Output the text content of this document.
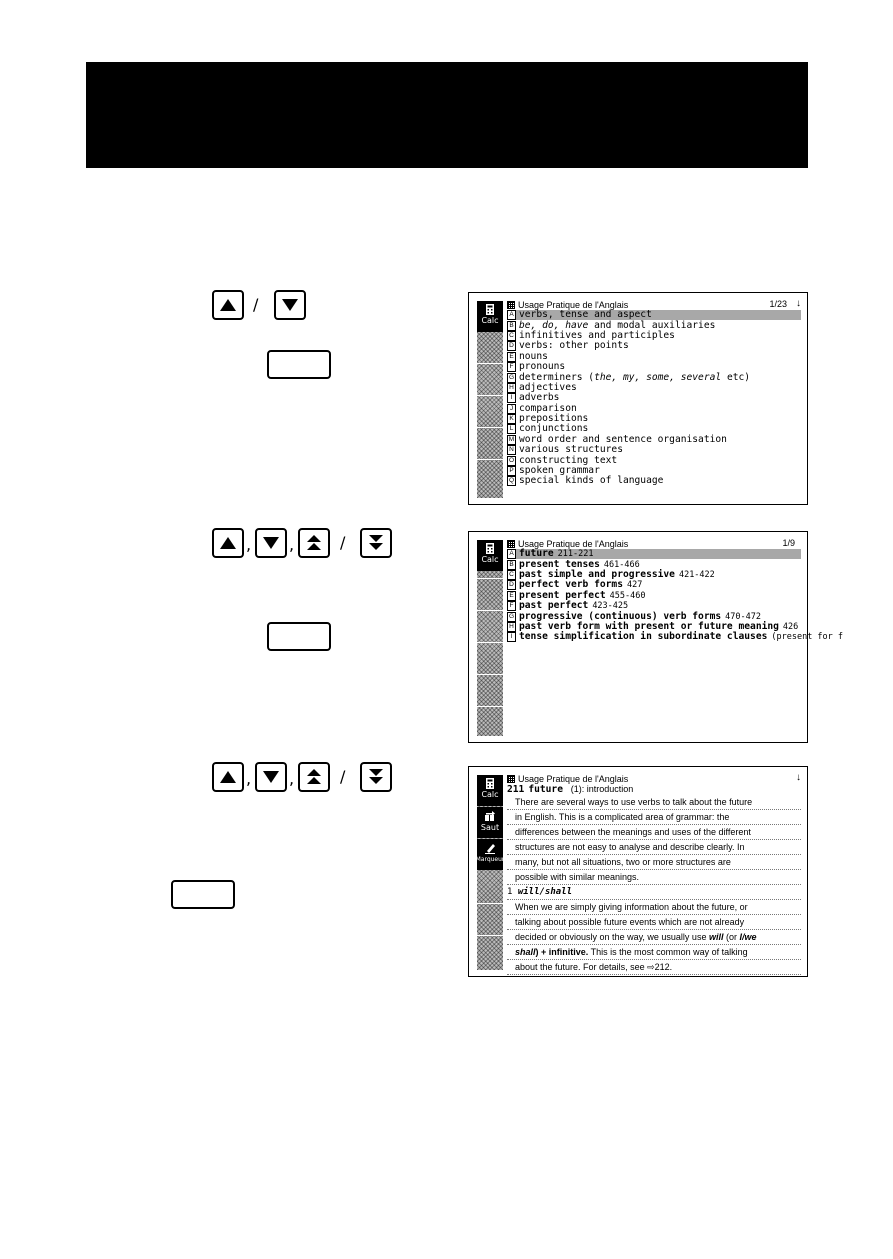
/
Calc
Usage Pratique de l'Anglais	1/23 ↓
A verbs, tense and aspect
B be, do, have and modal auxiliaries
C infinitives and participles
D verbs: other points
E nouns
F pronouns
G determiners ( the, my, some, several etc)
H adjectives
I adverbs
J comparison
K prepositions
L conjunctions
M word order and sentence organisation
N various structures
O constructing text
P spoken grammar
Q special kinds of language
, ,	/
Calc
Usage Pratique de l'Anglais	1/9
A future 211-221
B present tenses 461-466
C past simple and progressive 421-422
D perfect verb forms 427
E present perfect 455-460
F past perfect 423-425
G progressive (continuous) verb forms 470-472
H past verb form with present or future meaning 426
I tense simplification in subordinate clauses (present for f
, ,	/
Calc
Saut
Marqueur
Usage Pratique de l'Anglais	↓
211 future (1): introduction
There are several ways to use verbs to talk about the future
in English. This is a complicated area of grammar: the
differences between the meanings and uses of the different
structures are not easy to analyse and describe clearly. In
many, but not all situations, two or more structures are
possible with similar meanings.
1 will/shall
When we are simply giving information about the future, or
talking about possible future events which are not already
decided or obviously on the way, we usually use will (or I/we
shall) + infinitive. This is the most common way of talking
about the future. For details, see ⇨212.
